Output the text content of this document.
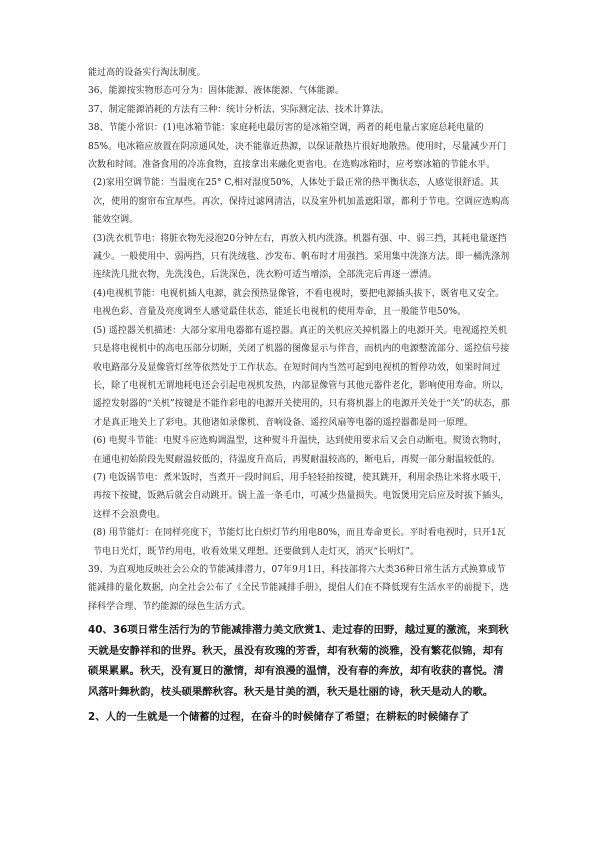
能过高的设备实行淘汰制度。

36、能源按实物形态可分为：固体能源、液体能源、气体能源。

37、制定能源消耗的方法有三种：统计分析法、实际测定法、技术计算法。

38、节能小常识：(1)电冰箱节能：家庭耗电最厉害的是冰箱空调，两者的耗电量占家庭总耗电量的85%。电冰箱应放置在阴凉通风处，决不能靠近热源，以保证散热片很好地散热。使用时，尽量减少开门次数和时间。准备食用的冷冻食物，直接拿出来融化更省电。在选购冰箱时，应考察冰箱的节能水平。

(2)家用空调节能：当温度在25° C,相对湿度50%，人体处于最正常的热平衡状态，人感觉很舒适。其次，使用的窗帘布宜厚些。再次，保持过滤网清洁，以及室外机加盖遮阳罩，都利于节电。空调应选购高能效空调。

(3)洗衣机节电：将脏衣物先浸泡20分钟左右，再放入机内洗涤。机器有强、中、弱三挡，其耗电量逐挡减少。一般使用中、弱两挡，只有洗绒毯、沙发布、帆布时才用强挡。采用集中洗涤方法。即一桶洗涤剂连续洗几批衣物，先洗浅色，后洗深色，洗衣粉可适当增添，全部洗完后再逐一漂清。

(4)电视机节能：电视机插人电源，就会预热显像管，不看电视时，要把电源插头拔下，既省电又安全。电视色彩、音量及亮度调至人感觉最佳状态，能延长电视机的使用寿命，且一般能节电50%。

(5) 遥控器关机描述：大部分家用电器都有遥控器。真正的关机应关掉机器上的电源开关。电视遥控关机只是将电视机中的高电压部分切断，关闭了机器的图像显示与伴音，而机内的电源整流部分、遥控信号接收电路部分及显像管灯丝等依然处于工作状态。在短时间内当然可起到电视机的暂停功效，如果时间过长，除了电视机无谓地耗电还会引起电视机发热，内部显像管与其他元器件老化，影响使用寿命。所以，遥控发射器的“关机”按键是不能作彩电的电源开关使用的，只有将机器上的电源开关处于“关”的状态，那才是真正地关上了彩电。其他诸如录像机、音响设备、遥控风扇等电器的遥控器都是同一原理。

(6) 电熨斗节能：电熨斗应选购调温型，这种熨斗升温快，达到使用要求后又会自动断电。熨烫衣物时，在通电初始阶段先熨耐温较低的，待温度升高后，再熨耐温较高的，断电后，再熨一部分耐温较低的。

(7) 电饭锅节电：煮米饭时，当煮开一段时间后，用手轻轻拍按键，使其跳开，利用余热让米将水吸干，再按下按键，饭熟后就会自动跳开。锅上盖一条毛巾，可减少热量损失。电饭煲用完后应及时拔下插头，这样不会浪费电。

(8) 用节能灯：在同样亮度下，节能灯比白炽灯节约用电80%，而且寿命更长。平时看电视时，只开1瓦节电日光灯，既节约用电，收看效果又理想。还要做到人走灯灭，消灭“长明灯”。

39、为直观地反映社会公众的节能减排潜力，07年9月1日，科技部将六大类36种日常生活方式换算成节能减排的量化数据，向全社会公布了《全民节能减排手册》，提倡人们在不降低现有生活水平的前提下，选择科学合理、节约能源的绿色生活方式。

40、36项日常生活行为的节能减排潜力美文欣赏1、走过春的田野，越过夏的激流，来到秋天就是安静祥和的世界。秋天，虽没有玫瑰的芳香，却有秋菊的淡雅，没有繁花似锦，却有硕果累累。秋天，没有夏日的激情，却有浪漫的温情，没有春的奔放，却有收获的喜悦。清风落叶舞秋韵，枝头硕果醉秋容。秋天是甘美的酒，秋天是壮丽的诗，秋天是动人的歌。

2、人的一生就是一个储蓄的过程，在奋斗的时候储存了希望；在耕耘的时候储存了
